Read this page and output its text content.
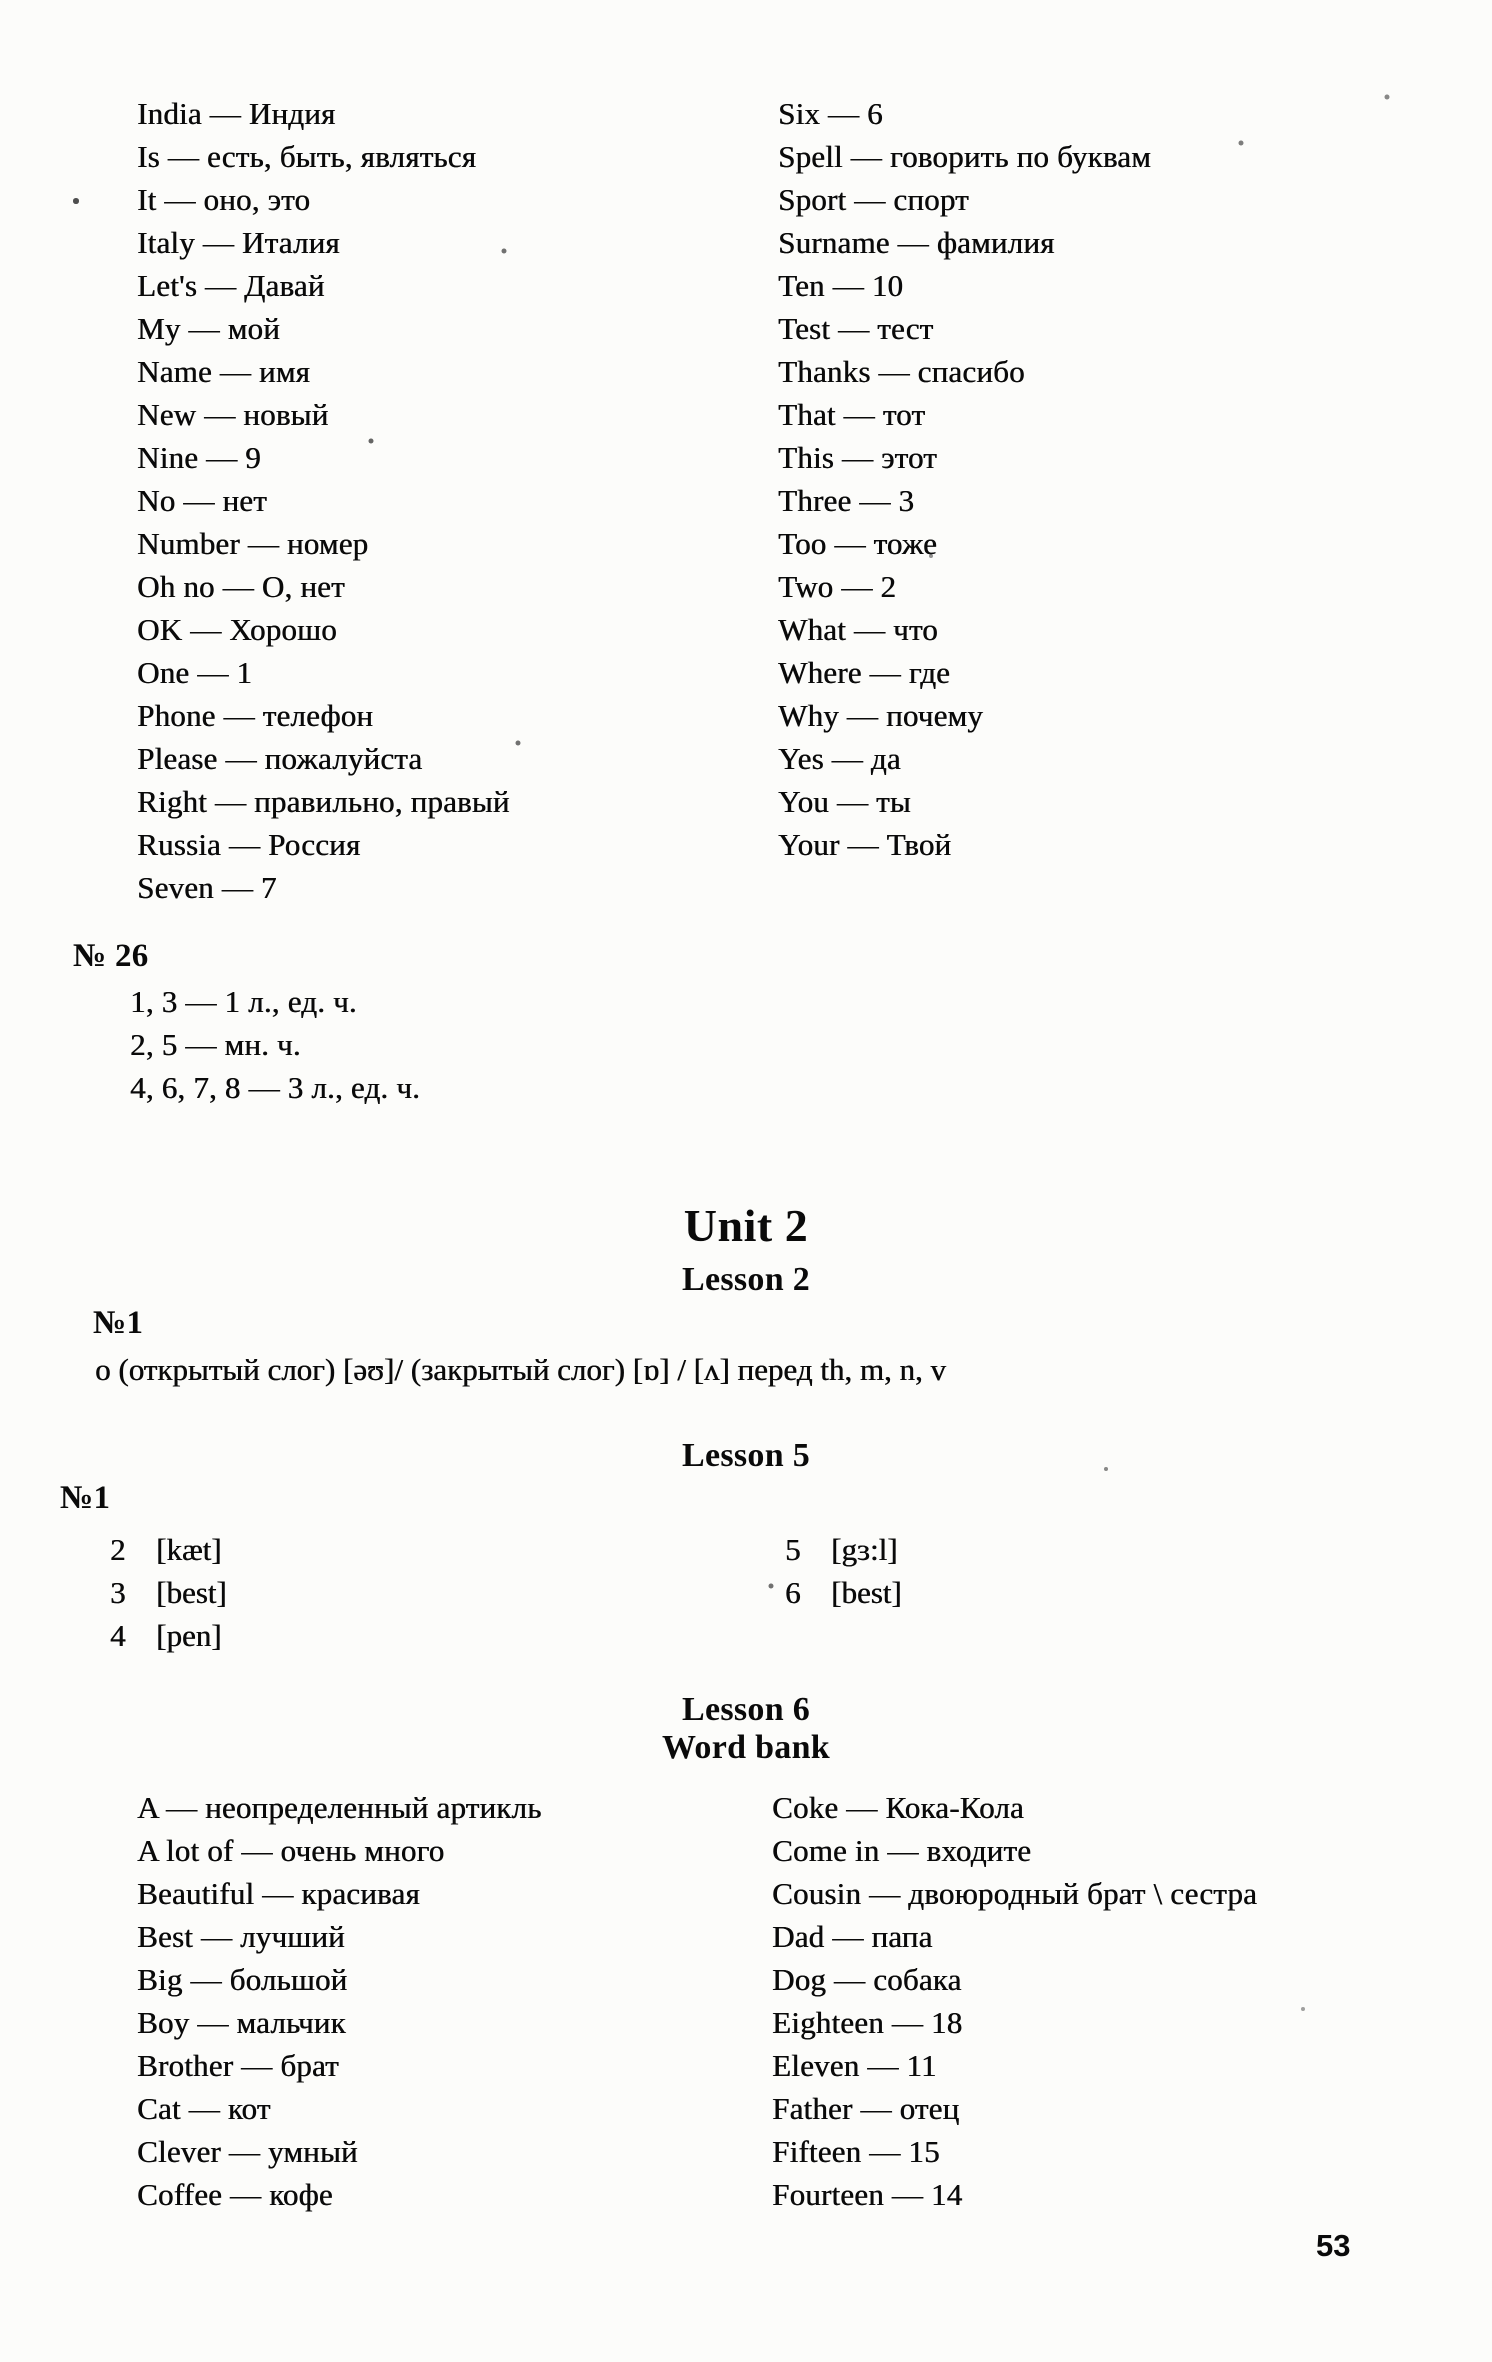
India — Индия
Is — есть, быть, являться
It — оно, это
Italy — Италия
Let's — Давай
My — мой
Name — имя
New — новый
Nine — 9
No — нет
Number — номер
Oh no — О, нет
OK — Хорошо
One — 1
Phone — телефон
Please — пожалуйста
Right — правильно, правый
Russia — Россия
Seven — 7
Six — 6
Spell — говорить по буквам
Sport — спорт
Surname — фамилия
Ten — 10
Test — тест
Thanks — спасибо
That — тот
This — этот
Three — 3
Too — тоже
Two — 2
What — что
Where — где
Why — почему
Yes — да
You — ты
Your — Твой
№ 26
1, 3 — 1 л., ед. ч.
2, 5 — мн. ч.
4, 6, 7, 8 — 3 л., ед. ч.
Unit 2
Lesson 2
№1
о (открытый слог) [əʊ]/ (закрытый слог) [ɒ] / [ʌ] перед th, m, n, v
Lesson 5
№1
2 [kæt]
3 [best]
4 [pen]
5 [gɜ:l]
6 [best]
Lesson 6
Word bank
A — неопределенный артикль
A lot of — очень много
Beautiful — красивая
Best — лучший
Big — большой
Boy — мальчик
Brother — брат
Cat — кот
Clever — умный
Coffee — кофе
Coke — Кока-Кола
Come in — входите
Cousin — двоюродный брат \ сестра
Dad — папа
Dog — собака
Eighteen — 18
Eleven — 11
Father — отец
Fifteen — 15
Fourteen — 14
53
